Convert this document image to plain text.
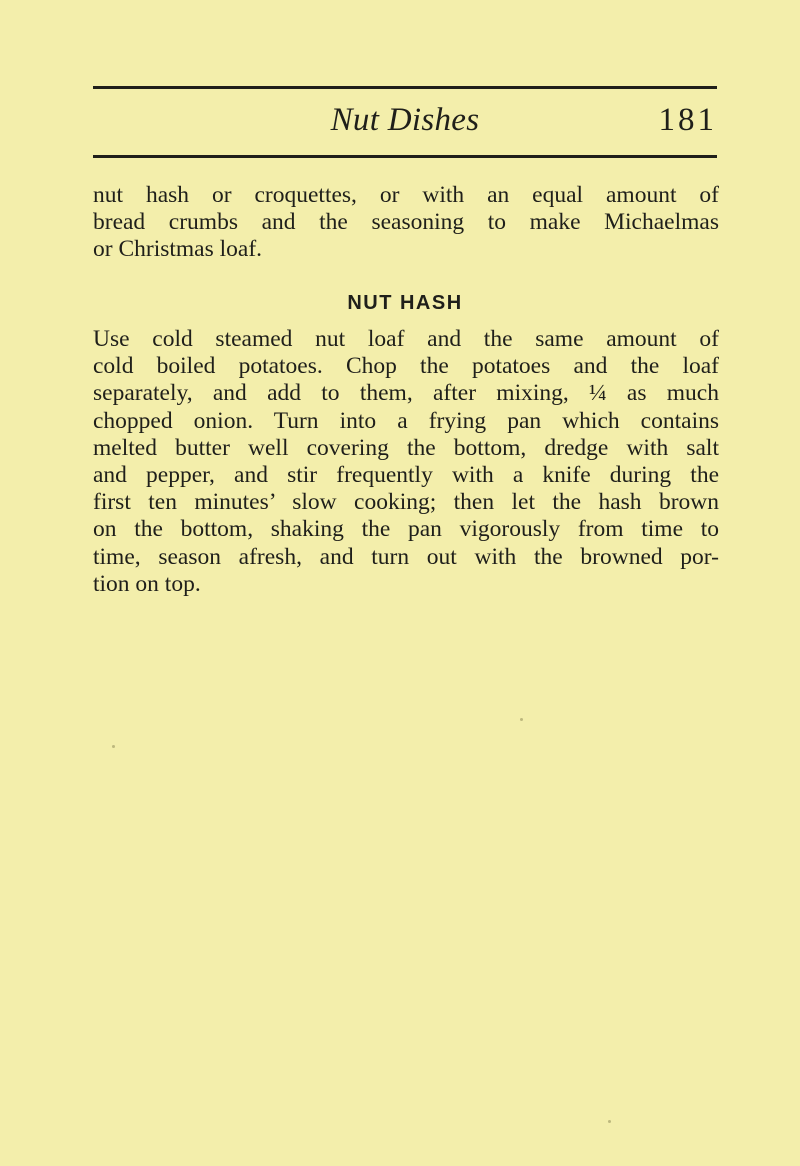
Nut Dishes	181

nut hash or croquettes, or with an equal amount of
bread crumbs and the seasoning to make Michaelmas
or Christmas loaf.

NUT HASH

Use cold steamed nut loaf and the same amount of
cold boiled potatoes. Chop the potatoes and the loaf
separately, and add to them, after mixing, ¼ as much
chopped onion. Turn into a frying pan which contains
melted butter well covering the bottom, dredge with salt
and pepper, and stir frequently with a knife during the
first ten minutes’ slow cooking; then let the hash brown
on the bottom, shaking the pan vigorously from time to
time, season afresh, and turn out with the browned por-
tion on top.
